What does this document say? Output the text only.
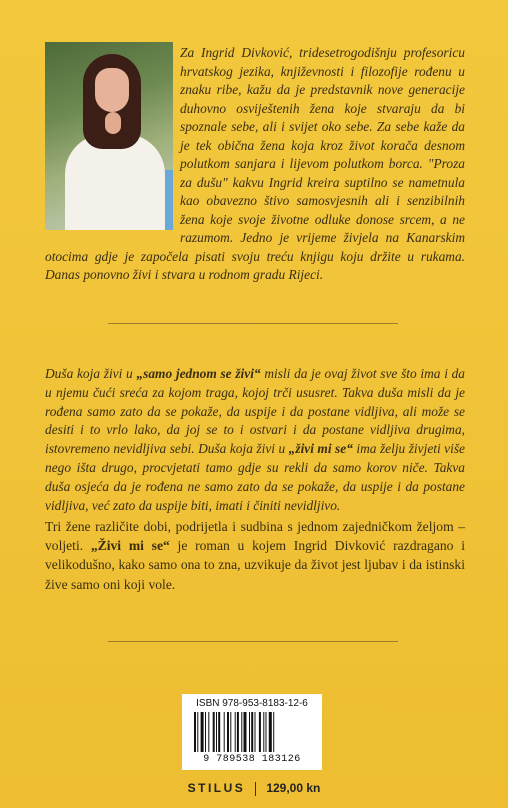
Za Ingrid Divković, tridesetrogodišnju profesoricu hrvatskog jezika, književnosti i filozofije rođenu u znaku ribe, kažu da je predstavnik nove generacije duhovno osviještenih žena koje stvaraju da bi spoznale sebe, ali i svijet oko sebe. Za sebe kaže da je tek obična žena koja kroz život korača desnom polutkom sanjara i lijevom polutkom borca. "Proza za dušu" kakvu Ingrid kreira suptilno se nametnula kao obavezno štivo samosvjesnih ali i senzibilnih žena koje svoje životne odluke donose srcem, a ne razumom. Jedno je vrijeme živjela na Kanarskim otocima gdje je započela pisati svoju treću knjigu koju držite u rukama. Danas ponovno živi i stvara u rodnom gradu Rijeci.

Duša koja živi u „samo jednom se živi“ misli da je ovaj život sve što ima i da u njemu čući sreća za kojom traga, kojoj trči ususret. Takva duša misli da je rođena samo zato da se pokaže, da uspije i da postane vidljiva, ali može se desiti i to vrlo lako, da joj se to i ostvari i da postane vidljiva drugima, istovremeno nevidljiva sebi. Duša koja živi u „živi mi se“ ima želju živjeti više nego išta drugo, procvjetati tamo gdje su rekli da samo korov niče. Takva duša osjeća da je rođena ne samo zato da se pokaže, da uspije i da postane vidljiva, već zato da uspije biti, imati i činiti nevidljivo.

Tri žene različite dobi, podrijetla i sudbina s jednom zajedničkom željom – voljeti. „Živi mi se“ je roman u kojem Ingrid Divković razdragano i velikodušno, kako samo ona to zna, uzvikuje da život jest ljubav i da istinski žive samo oni koji vole.

ISBN 978-953-8183-12-6
9 789538 183126
STILUS 129,00 kn
